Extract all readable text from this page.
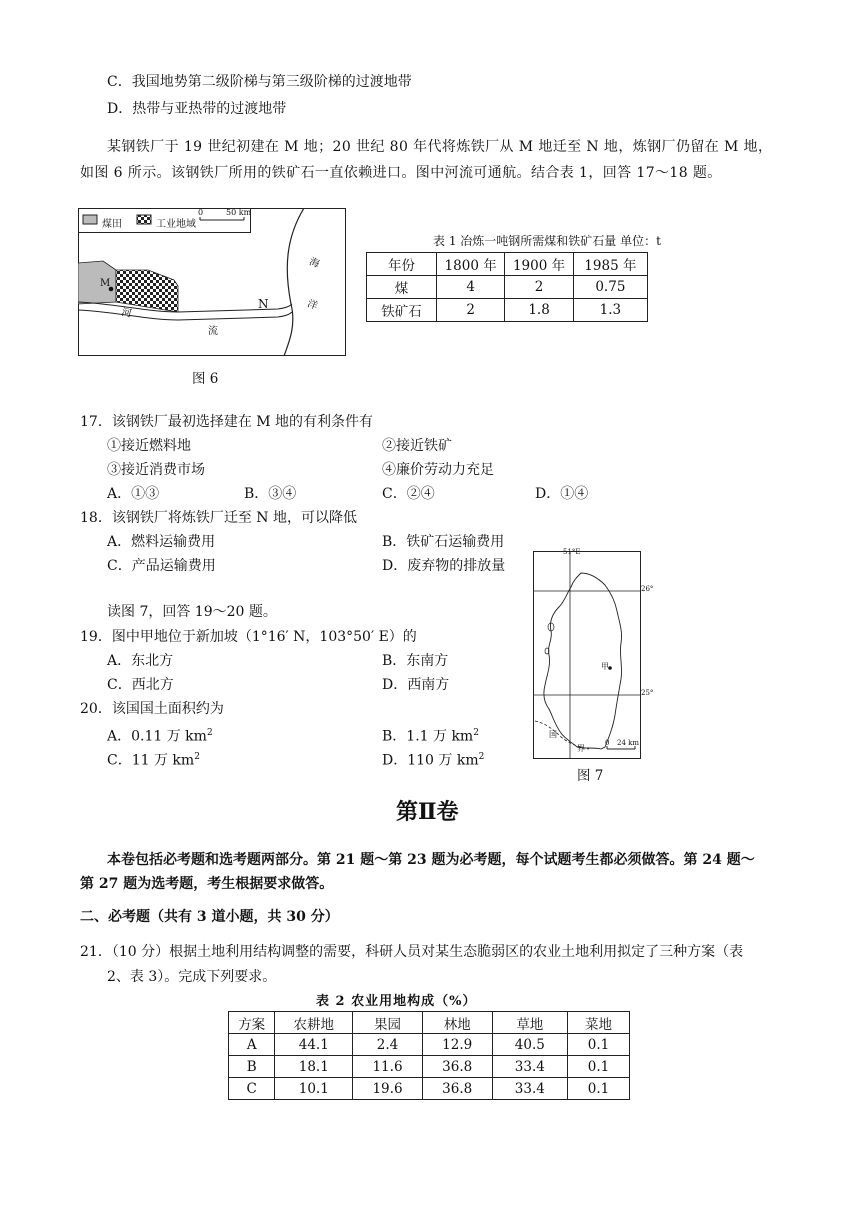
C．我国地势第二级阶梯与第三级阶梯的过渡地带
D．热带与亚热带的过渡地带
某钢铁厂于 19 世纪初建在 M 地；20 世纪 80 年代将炼铁厂从 M 地迁至 N 地，炼钢厂仍留在 M 地，
如图 6 所示。该钢铁厂所用的铁矿石一直依赖进口。图中河流可通航。结合表 1，回答 17～18 题。
煤田	工业地域
0	50 km
M
N
河
流
海
洋
图 6
表 1 冶炼一吨钢所需煤和铁矿石量 单位：t
年份	1800 年	1900 年	1985 年
煤	4	2	0.75
铁矿石	2	1.8	1.3
17．该钢铁厂最初选择建在 M 地的有利条件有
①接近燃料地	②接近铁矿
③接近消费市场	④廉价劳动力充足
A．①③	B．③④	C．②④	D．①④
18．该钢铁厂将炼铁厂迁至 N 地，可以降低
A．燃料运输费用	B．铁矿石运输费用
C．产品运输费用	D．废弃物的排放量
读图 7，回答 19～20 题。
19．图中甲地位于新加坡（1°16′ N，103°50′ E）的
A．东北方	B．东南方
C．西北方	D．西南方
20．该国国土面积约为
A．0.11 万 $km^2$	B．1.1 万 $km^2$
C．11 万 $km^2$	D．110 万 $km^2$
51°E
26°
25°
甲
国
界
0 24 km
图 7
第Ⅱ卷
本卷包括必考题和选考题两部分。第 21 题～第 23 题为必考题，每个试题考生都必须做答。第 24 题～
第 27 题为选考题，考生根据要求做答。
二、必考题（共有 3 道小题，共 30 分）
21．（10 分）根据土地利用结构调整的需要，科研人员对某生态脆弱区的农业土地利用拟定了三种方案（表
2、表 3）。完成下列要求。
表 2 农业用地构成（%）
方案	农耕地	果园	林地	草地	菜地
A	44.1	2.4	12.9	40.5	0.1
B	18.1	11.6	36.8	33.4	0.1
C	10.1	19.6	36.8	33.4	0.1
